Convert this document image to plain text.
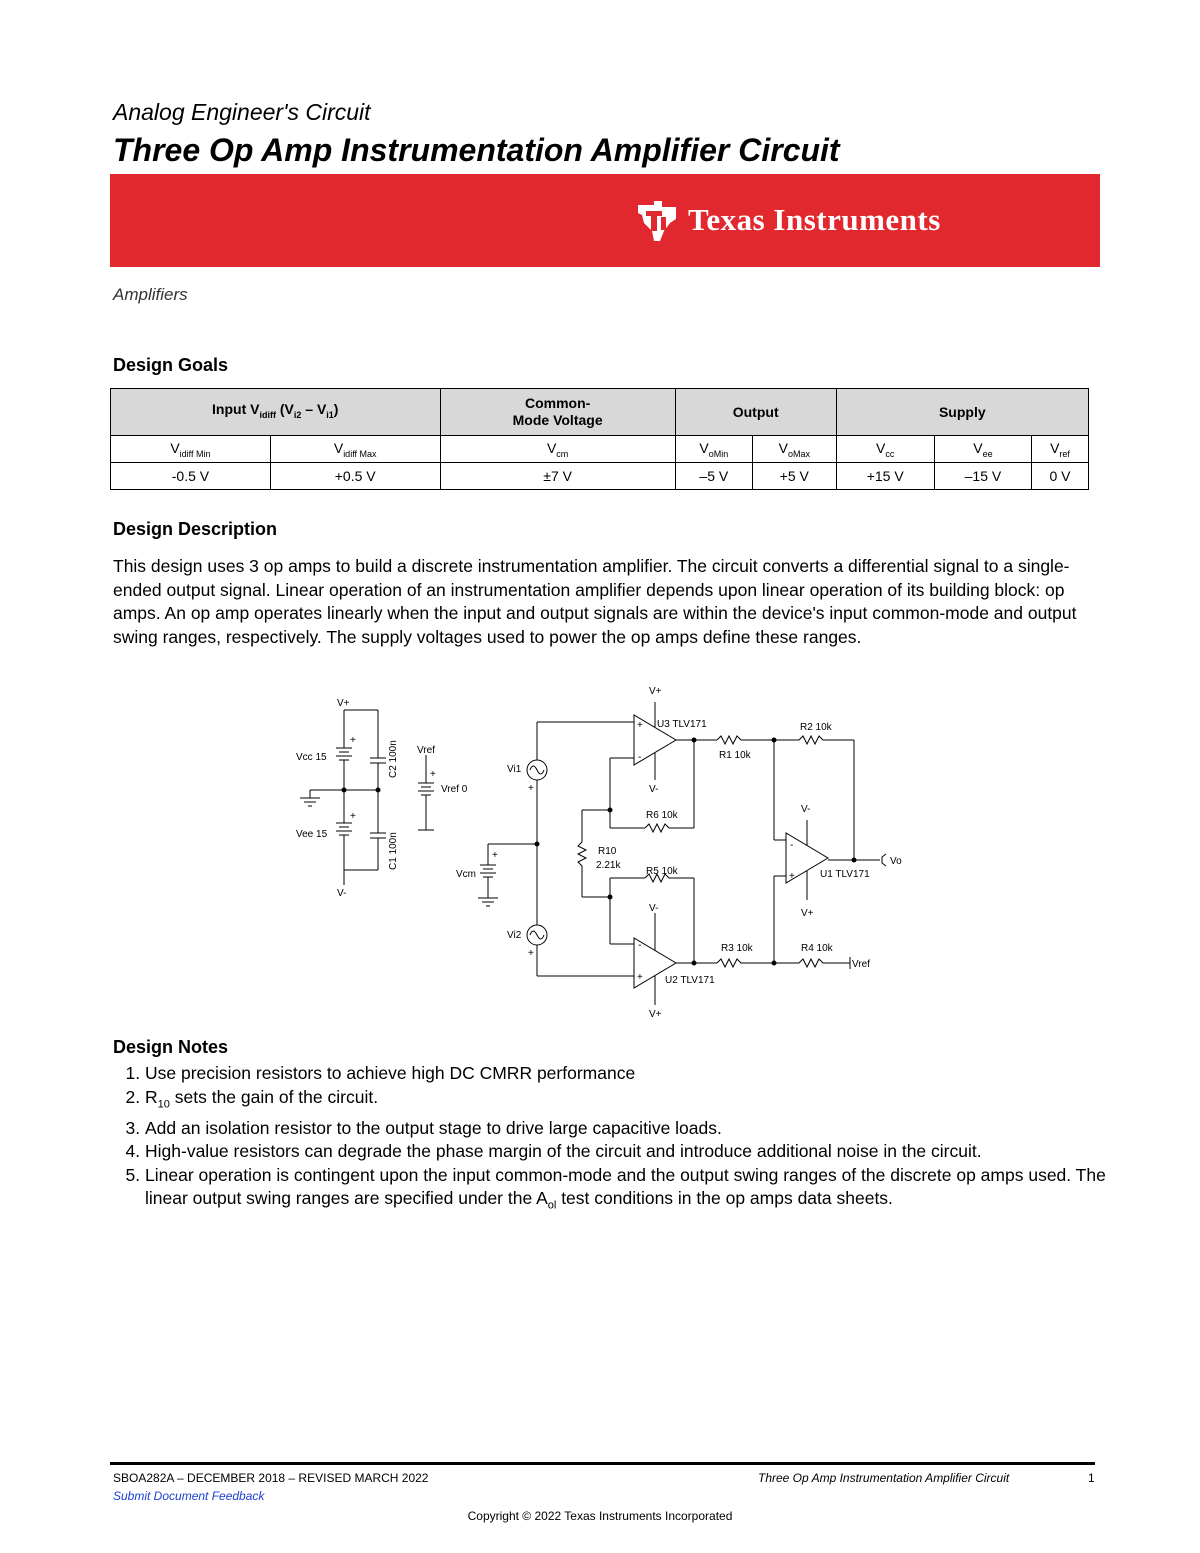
Analog Engineer's Circuit
Three Op Amp Instrumentation Amplifier Circuit
Texas Instruments
Amplifiers
Design Goals
Input $V_{idiff}$ $(V_{i2} - V_{i1})$		Common-
Mode Voltage	Output		Supply		
$V_{idiff Min}$	$V_{idiff Max}$	$V_{cm}$	$V_{oMin}$	$V_{oMax}$	$V_{cc}$	$V_{ee}$	$V_{ref}$
-0.5 V	+0.5 V	±7 V	–5 V	+5 V	+15 V	–15 V	0 V
Design Description
This design uses 3 op amps to build a discrete instrumentation amplifier. The circuit converts a differential signal to a single-ended output signal. Linear operation of an instrumentation amplifier depends upon linear operation of its building block: op amps. An op amp operates linearly when the input and output signals are within the device's input common-mode and output swing ranges, respectively. The supply voltages used to power the op amps define these ranges.
V+
Vcc 15
+
Vee 15
+
V-
C2 100n
C1 100n
Vref
+
Vref 0
Vi1
+
Vcm
+
Vi2
+
V+
U3 TLV171
V-
+
-	R1 10k
R6 10k
R10
2.21k
R5 10k
V-
-
+ U2 TLV171
V+
R3 10k
R2 10k
V-
-
+	U1 TLV171
V+
Vo
R4 10k
Vref
Design Notes
1. Use precision resistors to achieve high DC CMRR performance
2. $R_{10}$ sets the gain of the circuit.
3. Add an isolation resistor to the output stage to drive large capacitive loads.
4. High-value resistors can degrade the phase margin of the circuit and introduce additional noise in the circuit.
5. Linear operation is contingent upon the input common-mode and the output swing ranges of the discrete op amps used. The linear output swing ranges are specified under the $A_{ol}$ test conditions in the op amps data sheets.
SBOA282A – DECEMBER 2018 – REVISED MARCH 2022
Submit Document Feedback
Three Op Amp Instrumentation Amplifier Circuit	1
Copyright © 2022 Texas Instruments Incorporated
